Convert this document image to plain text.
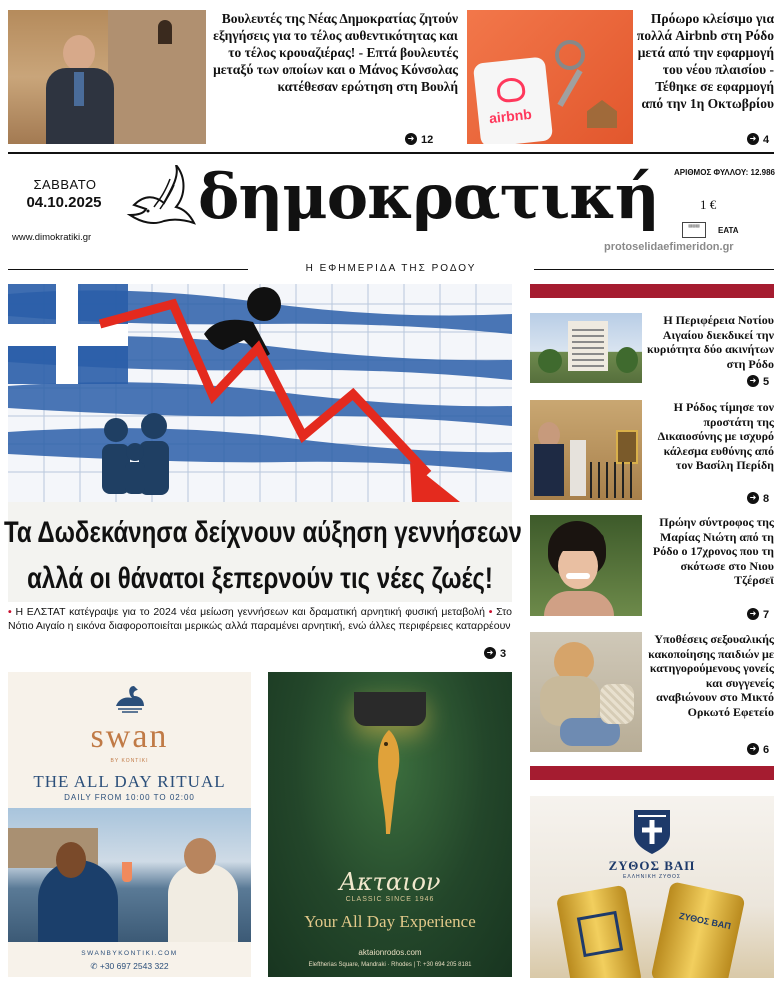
Βουλευτές της Νέας Δημοκρατίας ζητούν εξηγήσεις για το τέλος αυθεντικότητας και το τέλος κρουαζιέρας! - Επτά βουλευτές μεταξύ των οποίων και ο Μάνος Κόνσολας κατέθεσαν ερώτηση στη Βουλή
➜ 12
airbnb
Πρόωρο κλείσιμο για πολλά Airbnb στη Ρόδο μετά από την εφαρμογή του νέου πλαισίου - Τέθηκε σε εφαρμογή από την 1η Οκτωβρίου
➜ 4
ΣΑΒΒΑΤΟ
04.10.2025
www.dimokratiki.gr
δημοκρατική ΑΡΙΘΜΟΣ ΦΥΛΛΟΥ: 12.986
1 €
▤▤▤
ΕΑΤΑ
protoselidaefimeridon.gr
Η ΕΦΗΜΕΡΙΔΑ ΤΗΣ ΡΟΔΟΥ
Τα Δωδεκάνησα δείχνουν αύξηση γεννήσεων
αλλά οι θάνατοι ξεπερνούν τις νέες ζωές!
• Η ΕΛΣΤΑΤ κατέγραψε για το 2024 νέα μείωση γεννήσεων και δραματική αρνητική φυσική μεταβολή • Στο Νότιο Αιγαίο η εικόνα διαφοροποιείται μερικώς αλλά παραμένει αρνητική, ενώ άλλες περιφέρειες καταρρέουν
➜ 3
Η Περιφέρεια Νοτίου Αιγαίου διεκδικεί την κυριότητα δύο ακινήτων στη Ρόδο
➜ 5
Η Ρόδος τίμησε τον προστάτη της Δικαιοσύνης με ισχυρό κάλεσμα ευθύνης από τον Βασίλη Περίδη
➜ 8
Πρώην σύντροφος της Μαρίας Νιώτη από τη Ρόδο ο 17χρονος που τη σκότωσε στο Νιου Τζέρσεϊ
➜ 7
Υποθέσεις σεξουαλικής κακοποίησης παιδιών με κατηγορούμενους γονείς και συγγενείς αναβιώνουν στο Μικτό Ορκωτό Εφετείο
➜ 6
swan
BY KONTIKI
THE ALL DAY RITUAL
DAILY FROM 10:00 TO 02:00
SWANBYKONTIKI.COM
✆ +30 697 2543 322
Ακταιον
CLASSIC SINCE 1946
Your All Day Experience
aktaionrodos.com
Eleftherias Square, Mandraki · Rhodes | T: +30 694 205 8181
ΖΥΘΟΣ ΒΑΠ
ΕΛΛΗΝΙΚΗ ΖΥΘΟΣ
ΖΥΘΟΣ ΒΑΠ
